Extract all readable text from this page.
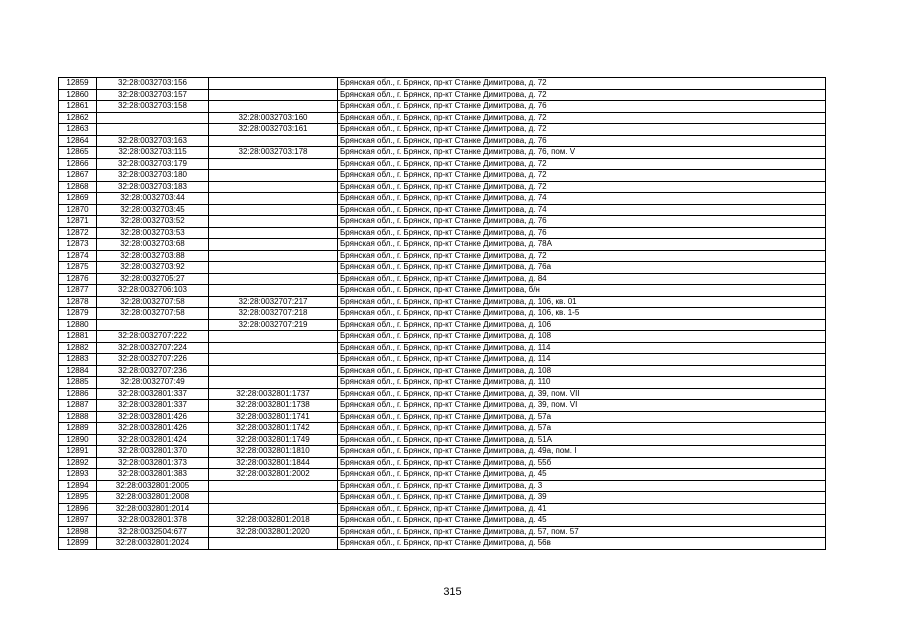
12859	32:28:0032703:156		Брянская обл., г. Брянск, пр-кт Станке Димитрова, д. 72
12860	32:28:0032703:157		Брянская обл., г. Брянск, пр-кт Станке Димитрова, д. 72
12861	32:28:0032703:158		Брянская обл., г. Брянск, пр-кт Станке Димитрова, д. 76
12862		32:28:0032703:160	Брянская обл., г. Брянск, пр-кт Станке Димитрова, д. 72
12863		32:28:0032703:161	Брянская обл., г. Брянск, пр-кт Станке Димитрова, д. 72
12864	32:28:0032703:163		Брянская обл., г. Брянск, пр-кт Станке Димитрова, д. 76
12865	32:28:0032703:115	32:28:0032703:178	Брянская обл., г. Брянск, пр-кт Станке Димитрова, д. 76, пом. V
12866	32:28:0032703:179		Брянская обл., г. Брянск, пр-кт Станке Димитрова, д. 72
12867	32:28:0032703:180		Брянская обл., г. Брянск, пр-кт Станке Димитрова, д. 72
12868	32:28:0032703:183		Брянская обл., г. Брянск, пр-кт Станке Димитрова, д. 72
12869	32:28:0032703:44		Брянская обл., г. Брянск, пр-кт Станке Димитрова, д. 74
12870	32:28:0032703:45		Брянская обл., г. Брянск, пр-кт Станке Димитрова, д. 74
12871	32:28:0032703:52		Брянская обл., г. Брянск, пр-кт Станке Димитрова, д. 76
12872	32:28:0032703:53		Брянская обл., г. Брянск, пр-кт Станке Димитрова, д. 76
12873	32:28:0032703:68		Брянская обл., г. Брянск, пр-кт Станке Димитрова, д. 78А
12874	32:28:0032703:88		Брянская обл., г. Брянск, пр-кт Станке Димитрова, д. 72
12875	32:28:0032703:92		Брянская обл., г. Брянск, пр-кт Станке Димитрова, д. 76а
12876	32:28:0032705:27		Брянская обл., г. Брянск, пр-кт Станке Димитрова, д. 84
12877	32:28:0032706:103		Брянская обл., г. Брянск, пр-кт Станке Димитрова, б/н
12878	32:28:0032707:58	32:28:0032707:217	Брянская обл., г. Брянск, пр-кт Станке Димитрова, д. 106, кв. 01
12879	32:28:0032707:58	32:28:0032707:218	Брянская обл., г. Брянск, пр-кт Станке Димитрова, д. 106, кв. 1-5
12880		32:28:0032707:219	Брянская обл., г. Брянск, пр-кт Станке Димитрова, д. 106
12881	32:28:0032707:222		Брянская обл., г. Брянск, пр-кт Станке Димитрова, д. 108
12882	32:28:0032707:224		Брянская обл., г. Брянск, пр-кт Станке Димитрова, д. 114
12883	32:28:0032707:226		Брянская обл., г. Брянск, пр-кт Станке Димитрова, д. 114
12884	32:28:0032707:236		Брянская обл., г. Брянск, пр-кт Станке Димитрова, д. 108
12885	32:28:0032707:49		Брянская обл., г. Брянск, пр-кт Станке Димитрова, д. 110
12886	32:28:0032801:337	32:28:0032801:1737	Брянская обл., г. Брянск, пр-кт Станке Димитрова, д. 39, пом. VII
12887	32:28:0032801:337	32:28:0032801:1738	Брянская обл., г. Брянск, пр-кт Станке Димитрова, д. 39, пом. VI
12888	32:28:0032801:426	32:28:0032801:1741	Брянская обл., г. Брянск, пр-кт Станке Димитрова, д. 57а
12889	32:28:0032801:426	32:28:0032801:1742	Брянская обл., г. Брянск, пр-кт Станке Димитрова, д. 57а
12890	32:28:0032801:424	32:28:0032801:1749	Брянская обл., г. Брянск, пр-кт Станке Димитрова, д. 51А
12891	32:28:0032801:370	32:28:0032801:1810	Брянская обл., г. Брянск, пр-кт Станке Димитрова, д. 49а, пом. I
12892	32:28:0032801:373	32:28:0032801:1844	Брянская обл., г. Брянск, пр-кт Станке Димитрова, д. 55б
12893	32:28:0032801:383	32:28:0032801:2002	Брянская обл., г. Брянск, пр-кт Станке Димитрова, д. 45
12894	32:28:0032801:2005		Брянская обл., г. Брянск, пр-кт Станке Димитрова, д. 3
12895	32:28:0032801:2008		Брянская обл., г. Брянск, пр-кт Станке Димитрова, д. 39
12896	32:28:0032801:2014		Брянская обл., г. Брянск, пр-кт Станке Димитрова, д. 41
12897	32:28:0032801:378	32:28:0032801:2018	Брянская обл., г. Брянск, пр-кт Станке Димитрова, д. 45
12898	32:28:0032504:677	32:28:0032801:2020	Брянская обл., г. Брянск, пр-кт Станке Димитрова, д. 57, пом. 57
12899	32:28:0032801:2024		Брянская обл., г. Брянск, пр-кт Станке Димитрова, д. 56в
315
